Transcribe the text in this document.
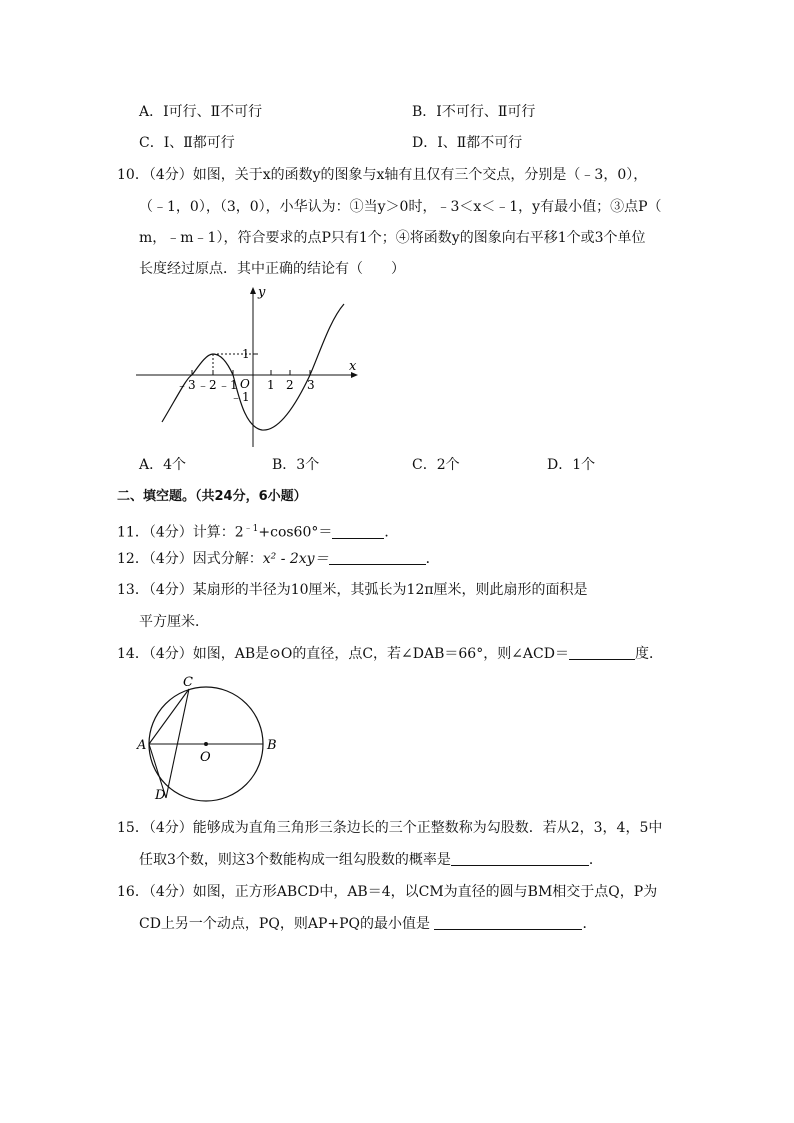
A．Ⅰ可行、Ⅱ不可行	B．Ⅰ不可行、Ⅱ可行
C．Ⅰ、Ⅱ都可行	D．Ⅰ、Ⅱ都不可行
10．（4分）如图，关于x的函数y的图象与x轴有且仅有三个交点，分别是（﹣3，0），
（﹣1，0），（3，0），小华认为：①当y＞0时，﹣3＜x＜﹣1，y有最小值；③点P（
m，﹣m﹣1），符合要求的点P只有1个；④将函数y的图象向右平移1个或3个单位
长度经过原点．其中正确的结论有（　　）
y
x
1
﹣1
O
﹣3 ﹣2 ﹣1 1 2 3
A．4个	B．3个	C．2个	D．1个
二、填空题。（共24分，6小题）
11．（4分）计算：$2^{﹣1}+\cos 60^\circ=$	．
12．（4分）因式分解：x² - 2xy＝	．
13．（4分）某扇形的半径为10厘米，其弧长为12π厘米，则此扇形的面积是
平方厘米．
14．（4分）如图，AB是⊙O的直径，点C，若∠DAB＝66°，则∠ACD＝	度．
A	B
C
D
O
15．（4分）能够成为直角三角形三条边长的三个正整数称为勾股数．若从2，3，4，5中
任取3个数，则这3个数能构成一组勾股数的概率是	．
16．（4分）如图，正方形ABCD中，AB＝4，以CM为直径的圆与BM相交于点Q，P为
CD上另一个动点，PQ，则AP+PQ的最小值是	．
